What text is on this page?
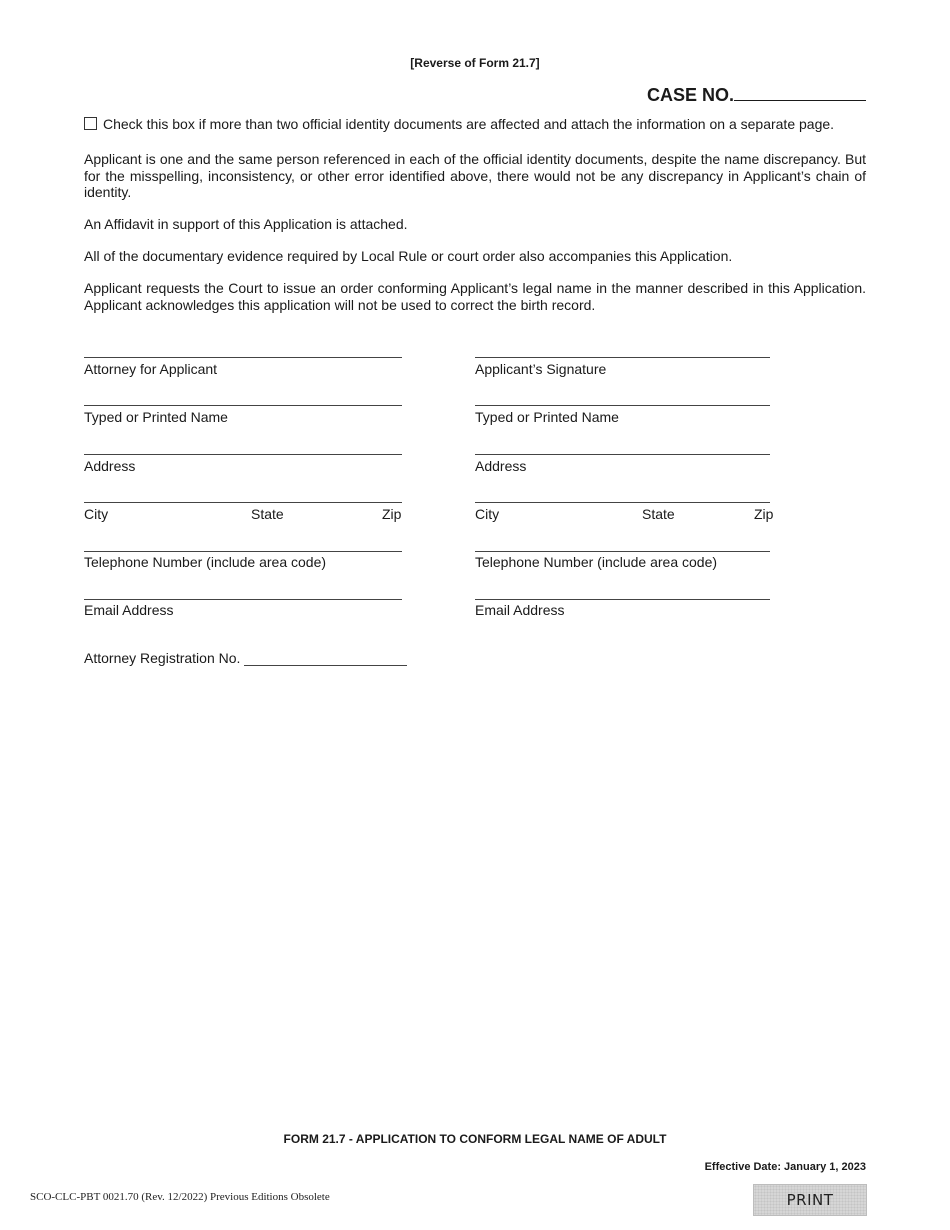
[Reverse of Form 21.7]
CASE NO.
Check this box if more than two official identity documents are affected and attach the information on a separate page.
Applicant is one and the same person referenced in each of the official identity documents, despite the name discrepancy. But for the misspelling, inconsistency, or other error identified above, there would not be any discrepancy in Applicant’s chain of identity.
An Affidavit in support of this Application is attached.
All of the documentary evidence required by Local Rule or court order also accompanies this Application.
Applicant requests the Court to issue an order conforming Applicant’s legal name in the manner described in this Application. Applicant acknowledges this application will not be used to correct the birth record.
Attorney for Applicant
Typed or Printed Name
Address
City	State	Zip
Telephone Number (include area code)
Email Address
Attorney Registration No.
Applicant’s Signature
Typed or Printed Name
Address
City	State	Zip
Telephone Number (include area code)
Email Address
FORM 21.7 - APPLICATION TO CONFORM LEGAL NAME OF ADULT
Effective Date: January 1, 2023
SCO-CLC-PBT 0021.70 (Rev. 12/2022) Previous Editions Obsolete	PRINT
